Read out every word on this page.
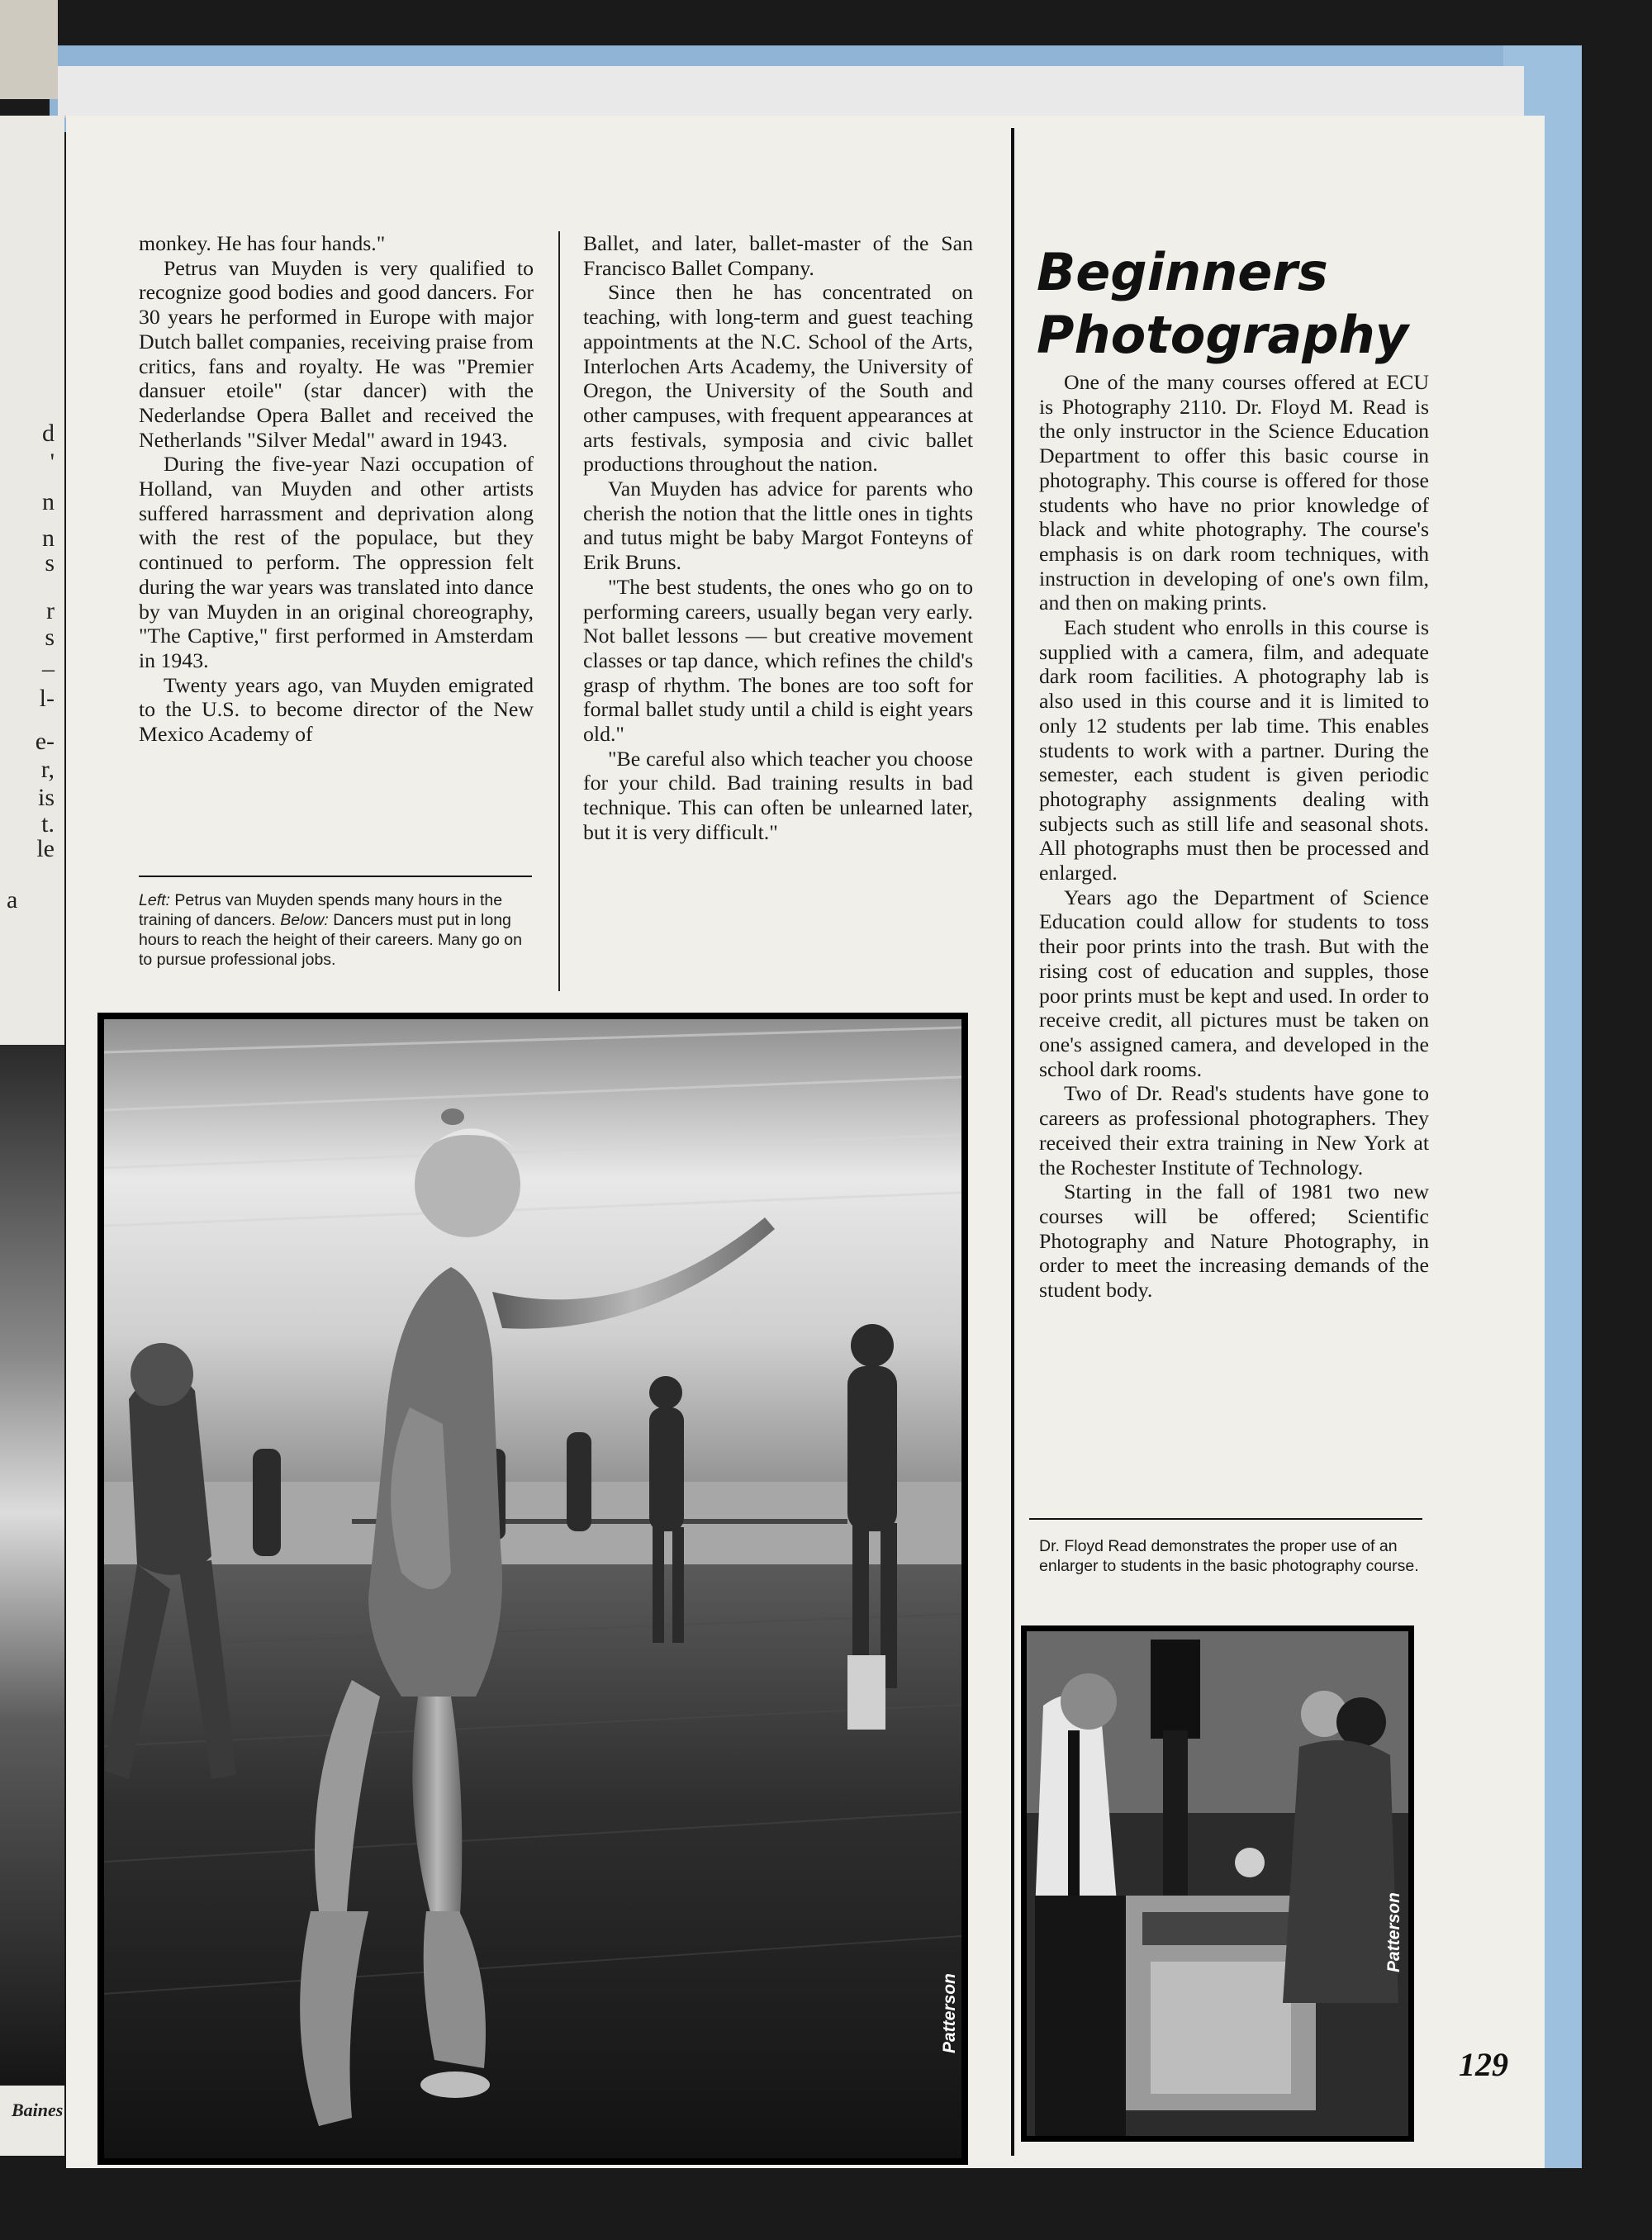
d
'
n
n
s
r
s
–
l-
e-
r,
is
t.
le
a
Baines

monkey. He has four hands."

Petrus van Muyden is very qualified to recognize good bodies and good dancers. For 30 years he performed in Europe with major Dutch ballet companies, receiving praise from critics, fans and royalty. He was "Premier dansuer etoile" (star dancer) with the Nederlandse Opera Ballet and received the Netherlands "Silver Medal" award in 1943.

During the five-year Nazi occupation of Holland, van Muyden and other artists suffered harrassment and deprivation along with the rest of the populace, but they continued to perform. The oppression felt during the war years was translated into dance by van Muyden in an original choreography, "The Captive," first performed in Amsterdam in 1943.

Twenty years ago, van Muyden emigrated to the U.S. to become director of the New Mexico Academy of

Left: Petrus van Muyden spends many hours in the training of dancers. Below: Dancers must put in long hours to reach the height of their careers. Many go on to pursue professional jobs.

Ballet, and later, ballet-master of the San Francisco Ballet Company.

Since then he has concentrated on teaching, with long-term and guest teaching appointments at the N.C. School of the Arts, Interlochen Arts Academy, the University of Oregon, the University of the South and other campuses, with frequent appearances at arts festivals, symposia and civic ballet productions throughout the nation.

Van Muyden has advice for parents who cherish the notion that the little ones in tights and tutus might be baby Margot Fonteyns of Erik Bruns.

"The best students, the ones who go on to performing careers, usually began very early. Not ballet lessons — but creative movement classes or tap dance, which refines the child's grasp of rhythm. The bones are too soft for formal ballet study until a child is eight years old."

"Be careful also which teacher you choose for your child. Bad training results in bad technique. This can often be unlearned later, but it is very difficult."

Beginners
Photography

One of the many courses offered at ECU is Photography 2110. Dr. Floyd M. Read is the only instructor in the Science Education Department to offer this basic course in photography. This course is offered for those students who have no prior knowledge of black and white photography. The course's emphasis is on dark room techniques, with instruction in developing of one's own film, and then on making prints.

Each student who enrolls in this course is supplied with a camera, film, and adequate dark room facilities. A photography lab is also used in this course and it is limited to only 12 students per lab time. This enables students to work with a partner. During the semester, each student is given periodic photography assignments dealing with subjects such as still life and seasonal shots. All photographs must then be processed and enlarged.

Years ago the Department of Science Education could allow for students to toss their poor prints into the trash. But with the rising cost of education and supples, those poor prints must be kept and used. In order to receive credit, all pictures must be taken on one's assigned camera, and developed in the school dark rooms.

Two of Dr. Read's students have gone to careers as professional photographers. They received their extra training in New York at the Rochester Institute of Technology.

Starting in the fall of 1981 two new courses will be offered; Scientific Photography and Nature Photography, in order to meet the increasing demands of the student body.

Dr. Floyd Read demonstrates the proper use of an enlarger to students in the basic photography course.
Patterson
Patterson
129
